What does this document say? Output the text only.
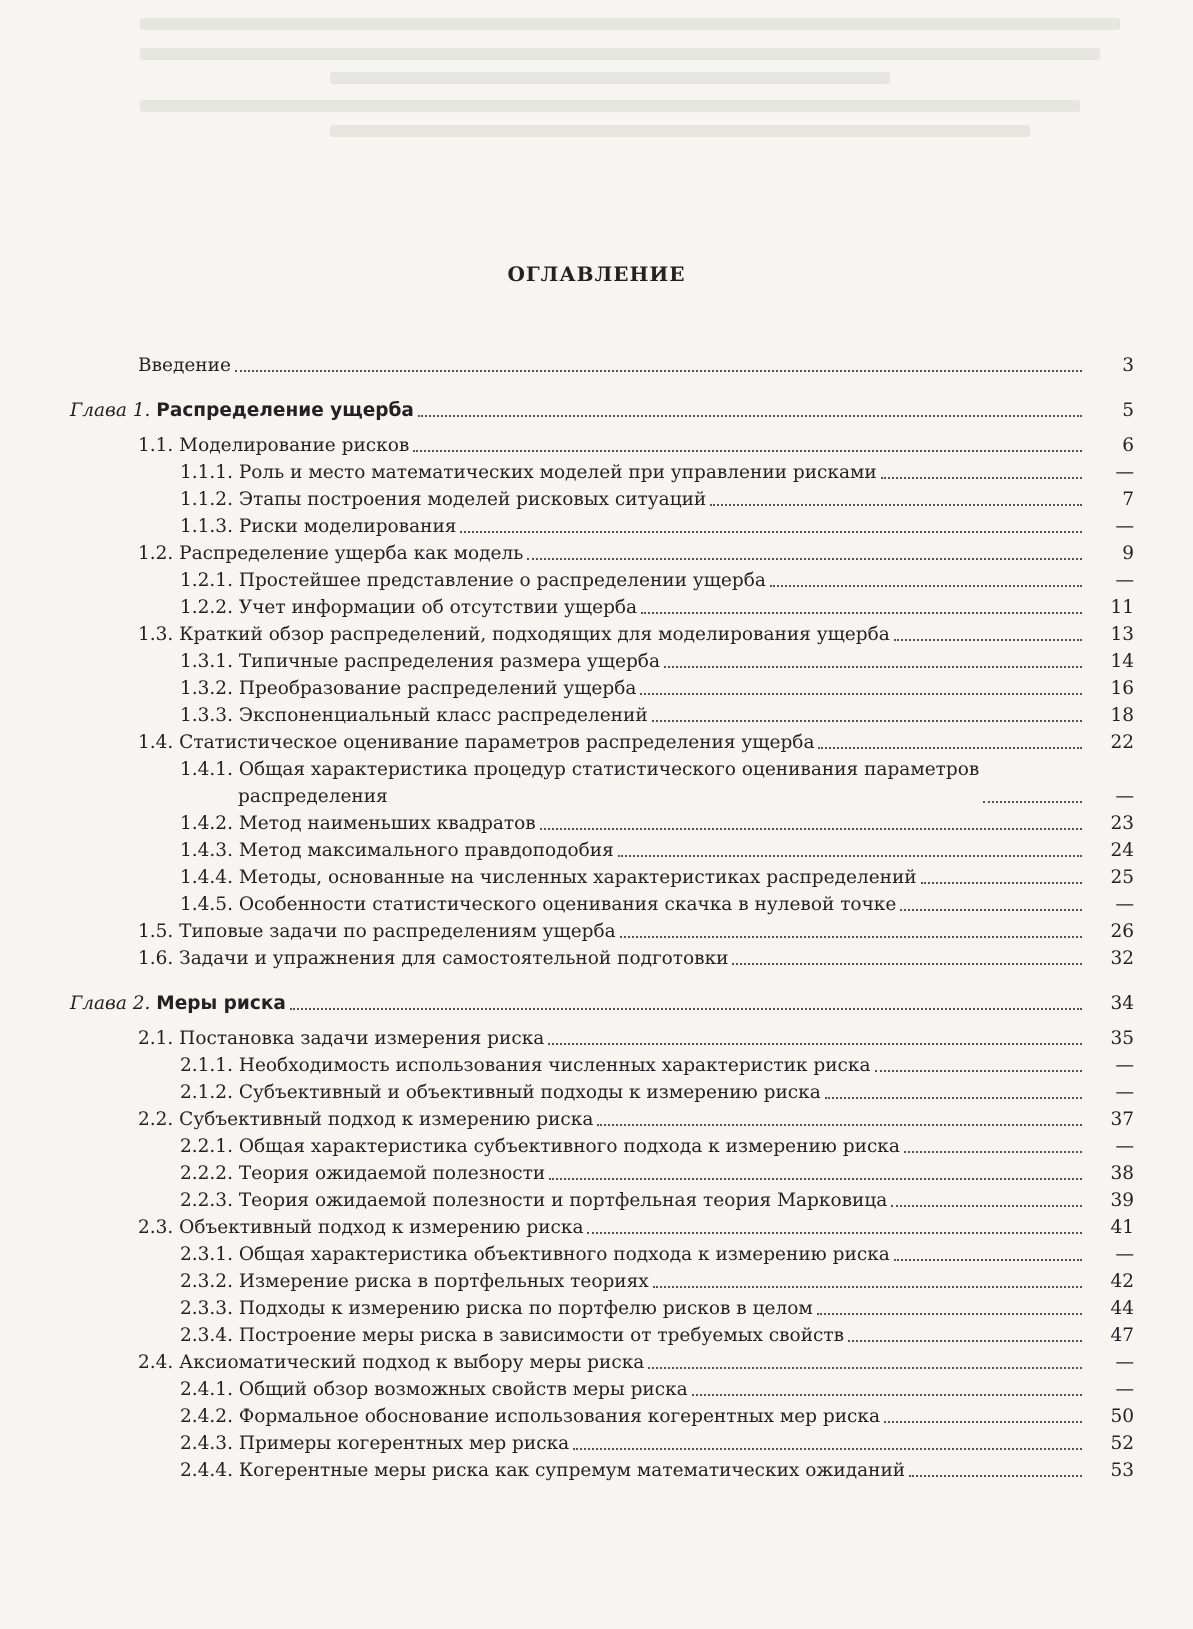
ОГЛАВЛЕНИЕ
Введение	3
Глава 1. Распределение ущерба	5
1.1. Моделирование рисков	6
1.1.1. Роль и место математических моделей при управлении рисками	—
1.1.2. Этапы построения моделей рисковых ситуаций	7
1.1.3. Риски моделирования	—
1.2. Распределение ущерба как модель	9
1.2.1. Простейшее представление о распределении ущерба	—
1.2.2. Учет информации об отсутствии ущерба	11
1.3. Краткий обзор распределений, подходящих для моделирования ущерба	13
1.3.1. Типичные распределения размера ущерба	14
1.3.2. Преобразование распределений ущерба	16
1.3.3. Экспоненциальный класс распределений	18
1.4. Статистическое оценивание параметров распределения ущерба	22
1.4.1. Общая характеристика процедур статистического оценивания параметров
распределения	—
1.4.2. Метод наименьших квадратов	23
1.4.3. Метод максимального правдоподобия	24
1.4.4. Методы, основанные на численных характеристиках распределений	25
1.4.5. Особенности статистического оценивания скачка в нулевой точке	—
1.5. Типовые задачи по распределениям ущерба	26
1.6. Задачи и упражнения для самостоятельной подготовки	32
Глава 2. Меры риска	34
2.1. Постановка задачи измерения риска	35
2.1.1. Необходимость использования численных характеристик риска	—
2.1.2. Субъективный и объективный подходы к измерению риска	—
2.2. Субъективный подход к измерению риска	37
2.2.1. Общая характеристика субъективного подхода к измерению риска	—
2.2.2. Теория ожидаемой полезности	38
2.2.3. Теория ожидаемой полезности и портфельная теория Марковица	39
2.3. Объективный подход к измерению риска	41
2.3.1. Общая характеристика объективного подхода к измерению риска	—
2.3.2. Измерение риска в портфельных теориях	42
2.3.3. Подходы к измерению риска по портфелю рисков в целом	44
2.3.4. Построение меры риска в зависимости от требуемых свойств	47
2.4. Аксиоматический подход к выбору меры риска	—
2.4.1. Общий обзор возможных свойств меры риска	—
2.4.2. Формальное обоснование использования когерентных мер риска	50
2.4.3. Примеры когерентных мер риска	52
2.4.4. Когерентные меры риска как супремум математических ожиданий	53
